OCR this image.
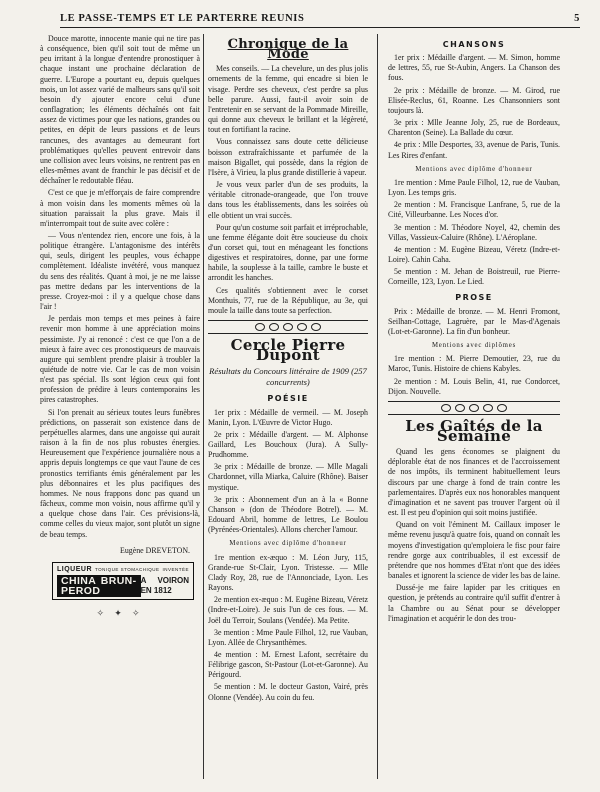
LE PASSE-TEMPS ET LE PARTERRE REUNIS	5

Douce marotte, innocente manie qui ne tire pas à conséquence, bien qu'il soit tout de même un peu irritant à la longue d'entendre pronostiquer à chaque instant une prochaine déclaration de guerre. L'Europe a pourtant eu, depuis quelques mois, un lot assez varié de malheurs sans qu'il soit besoin d'y ajouter encore celui d'une conflagration; les éléments déchaînés ont fait assez de victimes pour que les nations, grandes ou petites, en dépit de leurs passions et de leurs rancunes, des avantages au demeurant fort problématiques qu'elles peuvent entrevoir dans une collision avec leurs voisins, ne rentrent pas en elles-mêmes avant de franchir le pas décisif et de déchaîner le redoutable fléau.

C'est ce que je m'efforçais de faire comprendre à mon voisin dans les moments mêmes où la situation paraissait la plus grave. Mais il m'interrompait tout de suite avec colère :

— Vous n'entendez rien, encore une fois, à la politique étrangère. L'antagonisme des intérêts qui, seuls, dirigent les peuples, vous échappe complètement. Idéaliste invétéré, vous manquez du sens des réalités. Quant à moi, je ne me laisse pas mettre dedans par les interventions de la presse. Croyez-moi : il y a quelque chose dans l'air !

Je perdais mon temps et mes peines à faire revenir mon homme à une appréciation moins pessimiste. J'y ai renoncé : c'est ce que l'on a de mieux à faire avec ces pronostiqueurs de mauvais augure qui semblent prendre plaisir à troubler la quiétude de notre vie. Car le cas de mon voisin n'est pas spécial. Ils sont légion ceux qui font profession de prédire à leurs contemporains les pires catastrophes.

Si l'on prenait au sérieux toutes leurs funèbres prédictions, on passerait son existence dans de perpétuelles alarmes, dans une angoisse qui aurait raison à la fin de nos plus robustes énergies. Heureusement que l'expérience journalière nous a appris depuis longtemps ce que vaut l'aune de ces pronostics terrifiants émis généralement par les plus débonnaires et les plus pacifiques des hommes. Ne nous frappons donc pas quand un fâcheux, comme mon voisin, nous affirme qu'il y a quelque chose dans l'air. Ces prévisions-là, comme celles du vieux major, sont plutôt un signe de beau temps.

Eugène DREVETON.

LIQUEUR TONIQUE STOMACHIQUE INVENTÉE
CHINA BRUN-PEROD
A VOIRON EN 1812
✧ ✦ ✧
Chronique de la Mode

Mes conseils. — La chevelure, un des plus jolis ornements de la femme, qui encadre si bien le visage. Perdre ses cheveux, c'est perdre sa plus belle parure. Aussi, faut-il avoir soin de l'entretenir en se servant de la Pommade Mireille, qui donne aux cheveux le brillant et la légèreté, tout en fortifiant la racine.

Vous connaissez sans doute cette délicieuse boisson extrafraîchissante et parfumée de la maison Bigallet, qui possède, dans la région de l'Isère, à Virieu, la plus grande distillerie à vapeur.

Je vous veux parler d'un de ses produits, la véritable citronade-orangeade, que l'on trouve dans tous les établissements, dans les soirées où elle obtient un vrai succès.

Pour qu'un costume soit parfait et irréprochable, une femme élégante doit être soucieuse du choix d'un corset qui, tout en ménageant les fonctions digestives et respiratoires, donne, par une forme habile, la souplesse à la taille, cambre le buste et arrondit les hanches.

Ces qualités s'obtiennent avec le corset Monthuis, 77, rue de la République, au 3e, qui moule la taille dans toute sa perfection.

Cercle Pierre Dupont
Résultats du Concours littéraire de 1909 (257 concurrents)
POÉSIE

1er prix : Médaille de vermeil. — M. Joseph Manin, Lyon. L'Œuvre de Victor Hugo.

2e prix : Médaille d'argent. — M. Alphonse Gaillard, Les Bouchoux (Jura). A Sully-Prudhomme.

3e prix : Médaille de bronze. — Mlle Magali Chardonnet, villa Miarka, Caluire (Rhône). Baiser mystique.

3e prix : Abonnement d'un an à la « Bonne Chanson » (don de Théodore Botrel). — M. Edouard Abril, homme de lettres, Le Boulou (Pyrénées-Orientales). Allons chercher l'amour.

Mentions avec diplôme d'honneur

1re mention ex-æquo : M. Léon Jury, 115, Grande-rue St-Clair, Lyon. Tristesse. — Mlle Clady Roy, 28, rue de l'Annonciade, Lyon. Les Rayons.

2e mention ex-æquo : M. Eugène Bizeau, Véretz (Indre-et-Loire). Je suis l'un de ces fous. — M. Joël du Terroir, Soulans (Vendée). Ma Petite.

3e mention : Mme Paule Filhol, 12, rue Vauban, Lyon. Allée de Chrysanthèmes.

4e mention : M. Ernest Lafont, secrétaire du Félibrige gascon, St-Pastour (Lot-et-Garonne). Au Périgourd.

5e mention : M. le docteur Gaston, Vairé, près Olonne (Vendée). Au coin du feu.

CHANSONS

1er prix : Médaille d'argent. — M. Simon, homme de lettres, 55, rue St-Aubin, Angers. La Chanson des fous.

2e prix : Médaille de bronze. — M. Girod, rue Elisée-Reclus, 61, Roanne. Les Chansonniers sont toujours là.

3e prix : Mlle Jeanne Joly, 25, rue de Bordeaux, Charenton (Seine). La Ballade du cœur.

4e prix : Mlle Desportes, 33, avenue de Paris, Tunis. Les Rires d'enfant.

Mentions avec diplôme d'honneur

1re mention : Mme Paule Filhol, 12, rue de Vauban, Lyon. Les temps gris.

2e mention : M. Francisque Lanfrane, 5, rue de la Cité, Villeurbanne. Les Noces d'or.

3e mention : M. Théodore Noyel, 42, chemin des Villas, Vassieux-Caluire (Rhône). L'Aéroplane.

4e mention : M. Eugène Bizeau, Véretz (Indre-et-Loire). Cahin Caha.

5e mention : M. Jehan de Boistreuil, rue Pierre-Corneille, 123, Lyon. Le Lied.

PROSE

Prix : Médaille de bronze. — M. Henri Fromont, Seilhan-Cottage, Lagruère, par le Mas-d'Agenais (Lot-et-Garonne). La fin d'un bonheur.

Mentions avec diplômes

1re mention : M. Pierre Demoutier, 23, rue du Maroc, Tunis. Histoire de chiens Kabyles.

2e mention : M. Louis Belin, 41, rue Condorcet, Dijon. Nouvelle.

Les Gaîtés de la Semaine

Quand les gens économes se plaignent du déplorable état de nos finances et de l'accroissement de nos impôts, ils terminent habituellement leurs discours par une charge à fond de train contre les parlementaires. D'après eux nos honorables manquent d'imagination et ne savent pas trouver l'argent où il est. Il est peu d'opinion qui soit moins justifiée.

Quand on voit l'éminent M. Caillaux imposer le même revenu jusqu'à quatre fois, quand on connaît les moyens d'investigation qu'emploiera le fisc pour faire rendre gorge aux contribuables, il est excessif de prétendre que nos hommes d'Etat n'ont que des idées banales et ignorent la science de vider les bas de laine.

Dussé-je me faire lapider par les critiques en question, je prétends au contraire qu'il suffit d'entrer à la Chambre ou au Sénat pour se développer l'imagination et acquérir le don des trou-
